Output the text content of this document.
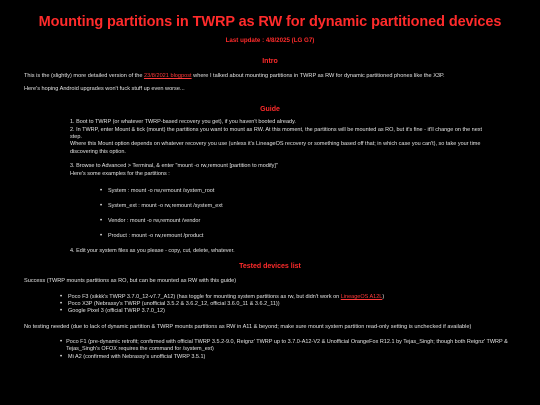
Mounting partitions in TWRP as RW for dynamic partitioned devices
Last update : 4/8/2025 (LG G7)
Intro

This is the (slightly) more detailed version of the 23/8/2021 blogpost where I talked about mounting partitions in TWRP as RW for dynamic partitioned phones like the X3P.

Here's hoping Android upgrades won't fuck stuff up even worse...

Guide

1. Boot to TWRP (or whatever TWRP-based recovery you get), if you haven't booted already.

2. In TWRP, enter Mount & tick (mount) the partitions you want to mount as RW. At this moment, the partitions will be mounted as RO, but it's fine - it'll change on the next step.

Where this Mount option depends on whatever recovery you use (unless it's LineageOS recovery or something based off that; in which case you can't), so take your time discovering this option.

3. Browse to Advanced > Terminal, & enter "mount -o rw,remount [partition to modify]"

Here's some examples for the partitions :

•	System : mount -o rw,remount /system_root
•	System_ext : mount -o rw,remount /system_ext
•	Vendor : mount -o rw,remount /vendor
•	Product : mount -o rw,remount /product

4. Edit your system files as you please - copy, cut, delete, whatever.

Tested devices list

Success (TWRP mounts partitions as RO, but can be mounted as RW with this guide)

•	Poco F3 (sikkk's TWRP 3.7.0_12-v7.7_A12) (has toggle for mounting system partitions as rw, but didn't work on LineageOS A12L)
•	Poco X3P (Nebrassy's TWRP (unofficial 3.5.2 & 3.6.2_12, official 3.6.0_11 & 3.6.2_11))
•	Google Pixel 3 (official TWRP 3.7.0_12)

No testing needed (due to lack of dynamic partition & TWRP mounts partitions as RW in A11 & beyond; make sure mount system partition read-only setting is unchecked if available)

• Poco F1 (pre-dynamic retrofit; confirmed with official TWRP 3.5.2-9.0, Reignz' TWRP up to 3.7.0-A12-V2 & Unofficial OrangeFox R12.1 by Tejas_Singh; though both Reignz' TWRP & Tejas_Singh's OFOX requires the command for /system_ext)
•	Mi A2 (confirmed with Nebrassy's unofficial TWRP 3.5.1)
